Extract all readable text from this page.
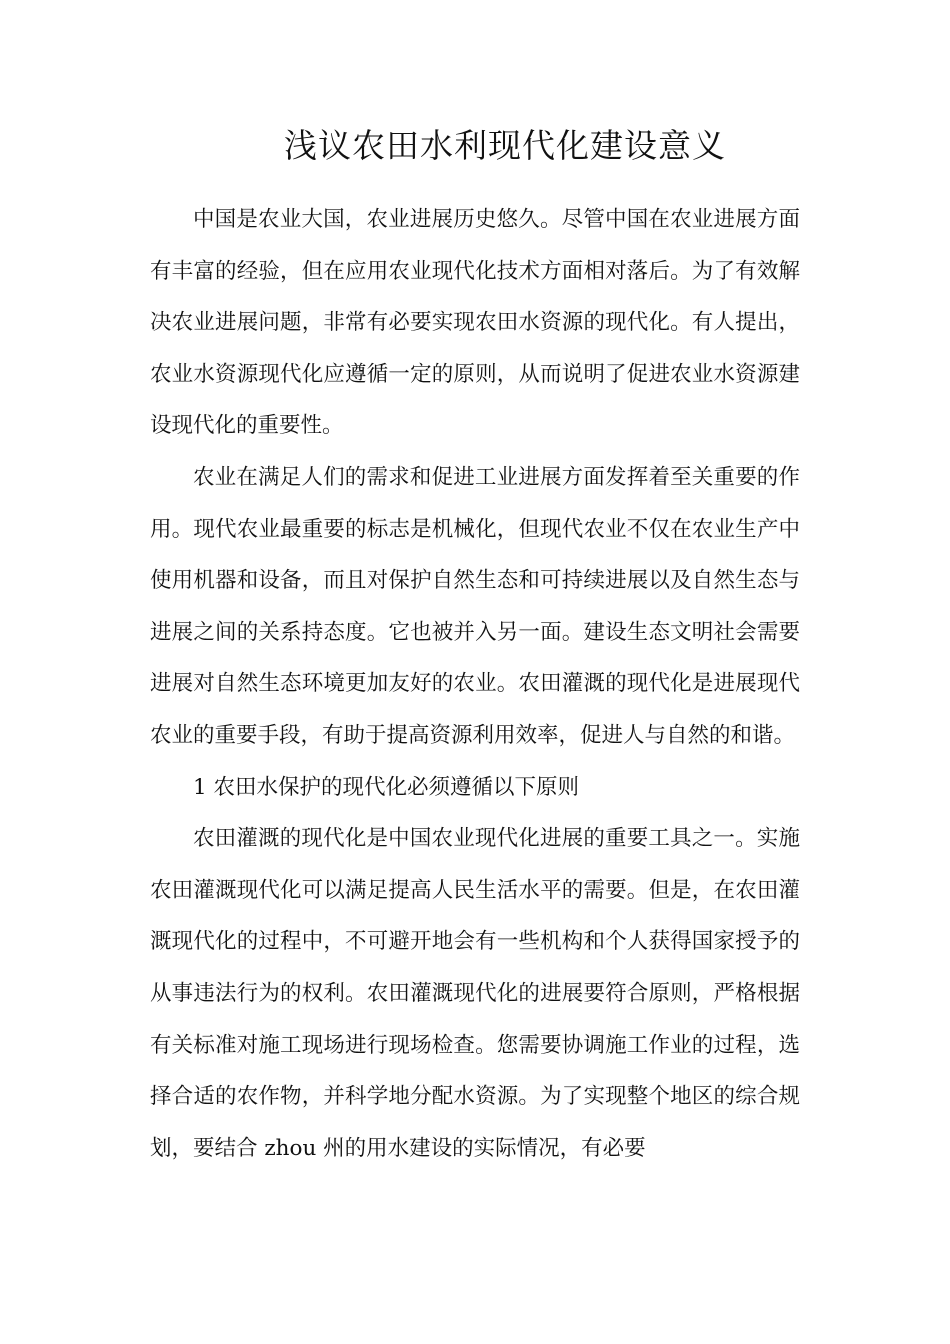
浅议农田水利现代化建设意义

中国是农业大国，农业进展历史悠久。尽管中国在农业进展方面有丰富的经验，但在应用农业现代化技术方面相对落后。为了有效解决农业进展问题，非常有必要实现农田水资源的现代化。有人提出，农业水资源现代化应遵循一定的原则，从而说明了促进农业水资源建设现代化的重要性。

农业在满足人们的需求和促进工业进展方面发挥着至关重要的作用。现代农业最重要的标志是机械化，但现代农业不仅在农业生产中使用机器和设备，而且对保护自然生态和可持续进展以及自然生态与进展之间的关系持态度。它也被并入另一面。建设生态文明社会需要进展对自然生态环境更加友好的农业。农田灌溉的现代化是进展现代农业的重要手段，有助于提高资源利用效率，促进人与自然的和谐。

1 农田水保护的现代化必须遵循以下原则

农田灌溉的现代化是中国农业现代化进展的重要工具之一。实施农田灌溉现代化可以满足提高人民生活水平的需要。但是，在农田灌溉现代化的过程中，不可避开地会有一些机构和个人获得国家授予的从事违法行为的权利。农田灌溉现代化的进展要符合原则，严格根据有关标准对施工现场进行现场检查。您需要协调施工作业的过程，选择合适的农作物，并科学地分配水资源。为了实现整个地区的综合规划，要结合 zhou 州的用水建设的实际情况，有必要
